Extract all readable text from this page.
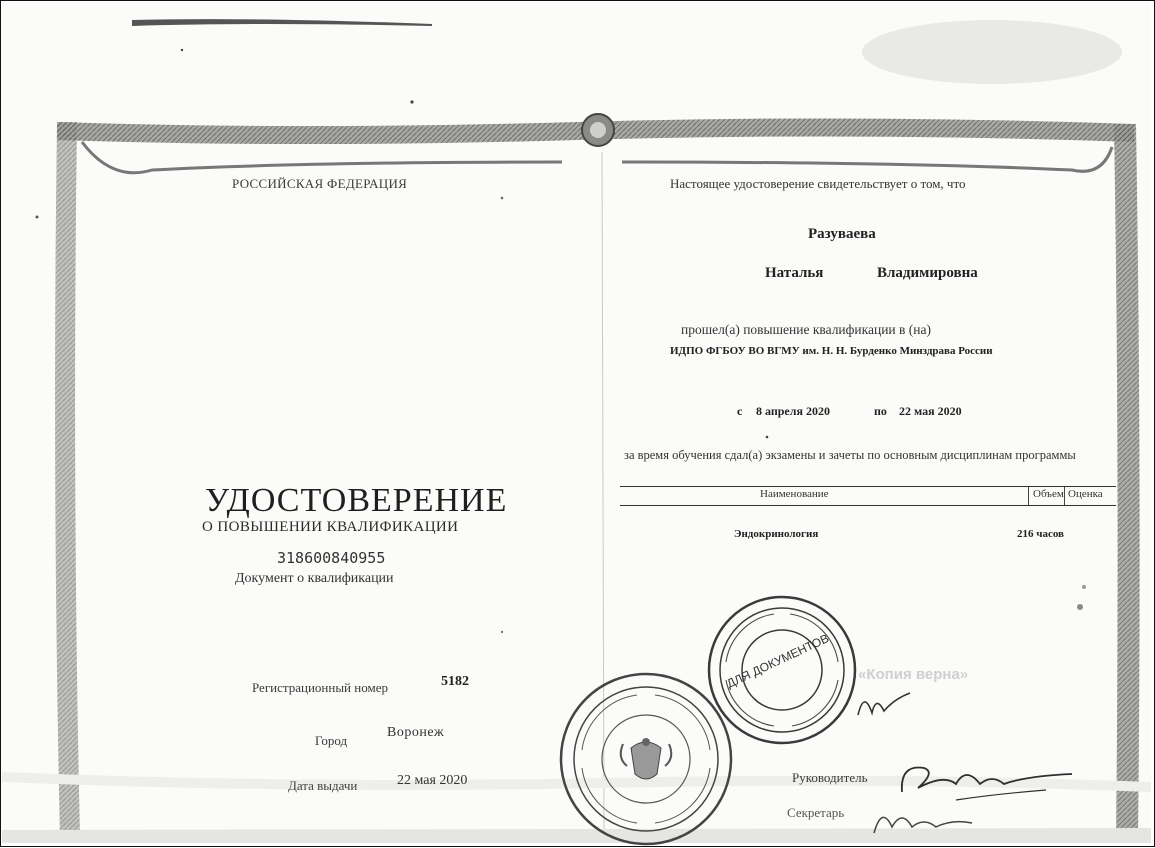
РОССИЙСКАЯ ФЕДЕРАЦИЯ
УДОСТОВЕРЕНИЕ
О ПОВЫШЕНИИ КВАЛИФИКАЦИИ
318600840955
Документ о квалификации
Регистрационный номер	5182
Город
Воронеж
Дата выдачи	22 мая 2020
Настоящее удостоверение свидетельствует о том, что
Разуваева
Наталья	Владимировна
прошел(а) повышение квалификации в (на)
ИДПО ФГБОУ ВО ВГМУ им. Н. Н. Бурденко Минздрава России
с 8 апреля 2020	по 22 мая 2020
за время обучения сдал(а) экзамены и зачеты по основным дисциплинам программы
Наименование	Объем Оценка
Эндокринология	216 часов
«Копия верна»
Руководитель
Секретарь
ДЛЯ ДОКУМЕНТОВ
